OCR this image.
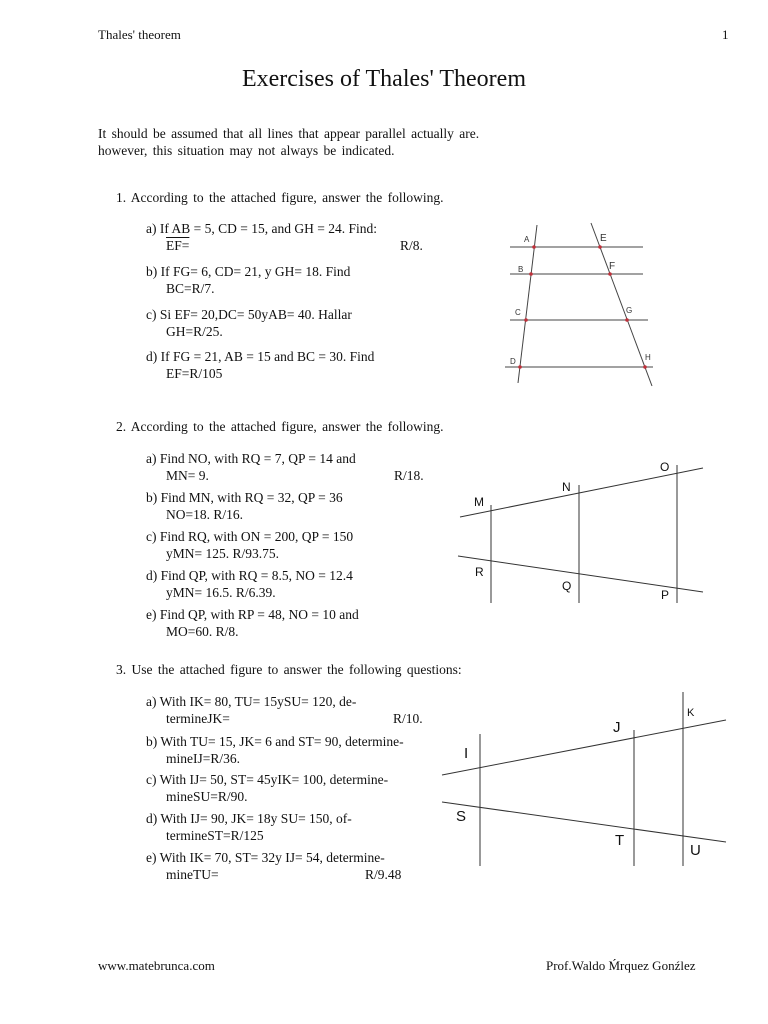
Thales' theorem	1
Exercises of Thales' Theorem
It should be assumed that all lines that appear parallel actually are.
however, this situation may not always be indicated.
1. According to the attached figure, answer the following.
a) If AB = 5, CD = 15, and GH = 24. Find:
EF=	R/8.
b) If FG= 6, CD= 21, y GH= 18. Find
BC=R/7.
c) Si EF= 20,DC= 50yAB= 40. Hallar
GH=R/25.
d) If FG = 21, AB = 15 and BC = 30. Find
EF=R/105
A
B
C
D
E
F
G
H
2. According to the attached figure, answer the following.
a) Find NO, with RQ = 7, QP = 14 and
MN= 9.	R/18.
b) Find MN, with RQ = 32, QP = 36
NO=18. R/16.
c) Find RQ, with ON = 200, QP = 150
yMN= 125. R/93.75.
d) Find QP, with RQ = 8.5, NO = 12.4
yMN= 16.5. R/6.39.
e) Find QP, with RP = 48, NO = 10 and
MO=60. R/8.
M
N
O
R
Q
P
3. Use the attached figure to answer the following questions:
a) With IK= 80, TU= 15ySU= 120, de-
termineJK=	R/10.
b) With TU= 15, JK= 6 and ST= 90, determine-
mineIJ=R/36.
c) With IJ= 50, ST= 45yIK= 100, determine-
mineSU=R/90.
d) With IJ= 90, JK= 18y SU= 150, of-
termineST=R/125
e) With IK= 70, ST= 32y IJ= 54, determine-
mineTU=	R/9.48
I
J
K
S
T
U
www.matebrunca.com	Prof.Waldo Ḿrquez Gonźlez
